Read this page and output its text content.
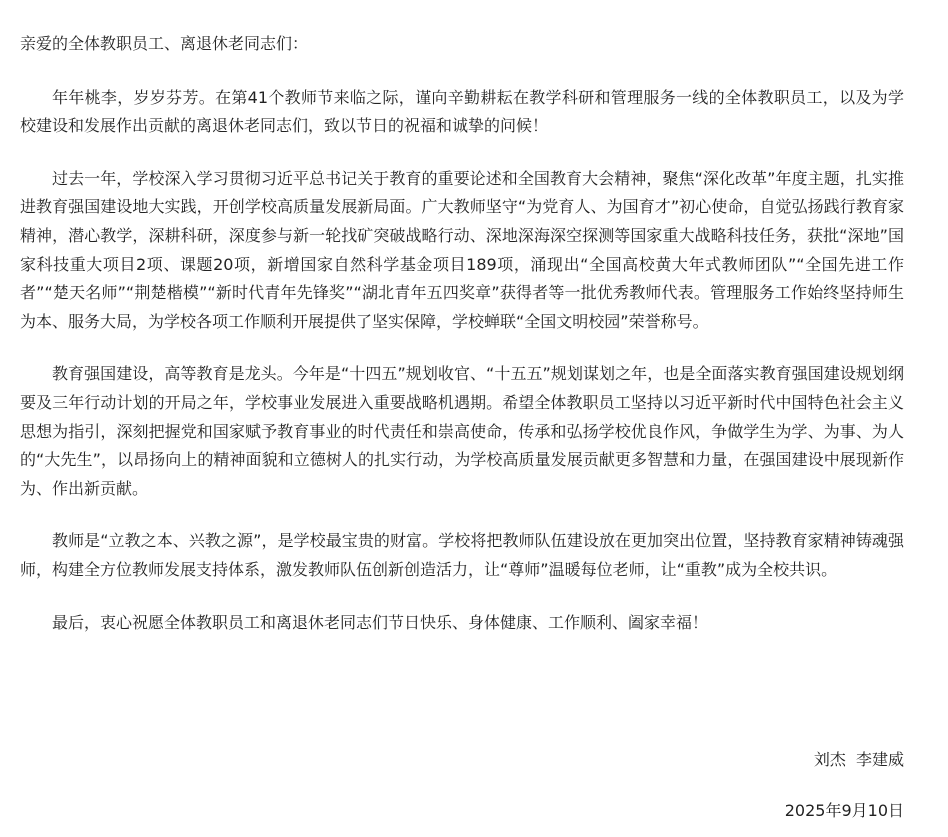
亲爱的全体教职员工、离退休老同志们：

年年桃李，岁岁芬芳。在第41个教师节来临之际，谨向辛勤耕耘在教学科研和管理服务一线的全体教职员工，以及为学校建设和发展作出贡献的离退休老同志们，致以节日的祝福和诚挚的问候！

过去一年，学校深入学习贯彻习近平总书记关于教育的重要论述和全国教育大会精神，聚焦“深化改革”年度主题，扎实推进教育强国建设地大实践，开创学校高质量发展新局面。广大教师坚守“为党育人、为国育才”初心使命，自觉弘扬践行教育家精神，潜心教学，深耕科研，深度参与新一轮找矿突破战略行动、深地深海深空探测等国家重大战略科技任务，获批“深地”国家科技重大项目2项、课题20项，新增国家自然科学基金项目189项，涌现出“全国高校黄大年式教师团队”“全国先进工作者”“楚天名师”“荆楚楷模”“新时代青年先锋奖”“湖北青年五四奖章”获得者等一批优秀教师代表。管理服务工作始终坚持师生为本、服务大局，为学校各项工作顺利开展提供了坚实保障，学校蝉联“全国文明校园”荣誉称号。

教育强国建设，高等教育是龙头。今年是“十四五”规划收官、“十五五”规划谋划之年，也是全面落实教育强国建设规划纲要及三年行动计划的开局之年，学校事业发展进入重要战略机遇期。希望全体教职员工坚持以习近平新时代中国特色社会主义思想为指引，深刻把握党和国家赋予教育事业的时代责任和崇高使命，传承和弘扬学校优良作风，争做学生为学、为事、为人的“大先生”，以昂扬向上的精神面貌和立德树人的扎实行动，为学校高质量发展贡献更多智慧和力量，在强国建设中展现新作为、作出新贡献。

教师是“立教之本、兴教之源”，是学校最宝贵的财富。学校将把教师队伍建设放在更加突出位置，坚持教育家精神铸魂强师，构建全方位教师发展支持体系，激发教师队伍创新创造活力，让“尊师”温暖每位老师，让“重教”成为全校共识。

最后，衷心祝愿全体教职员工和离退休老同志们节日快乐、身体健康、工作顺利、阖家幸福！

刘杰  李建威
2025年9月10日
